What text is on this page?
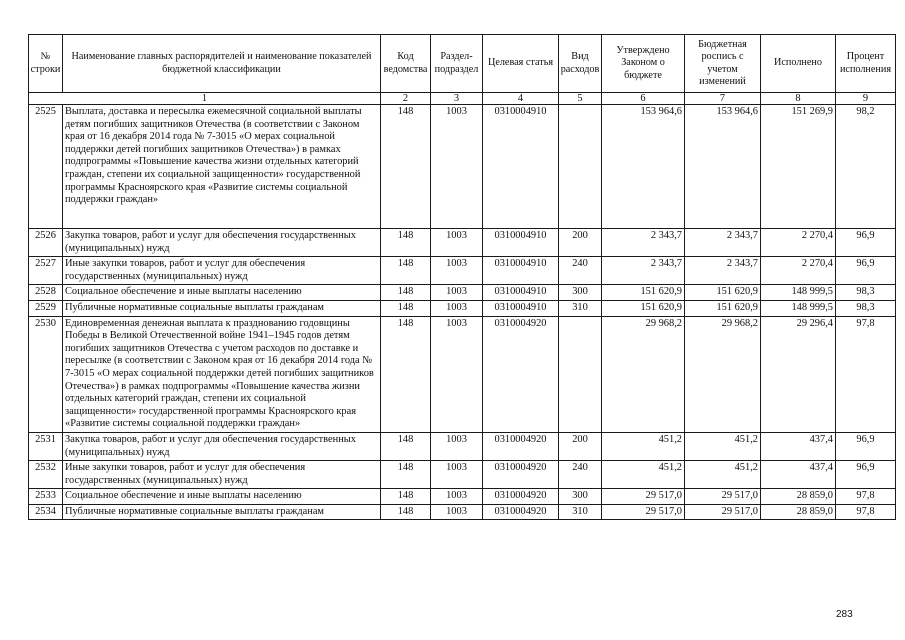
№ строки	Наименование главных распорядителей и наименование показателей бюджетной классификации	Код ведомства	Раздел-подраздел	Целевая статья	Вид расходов	Утверждено Законом о бюджете	Бюджетная роспись с учетом изменений	Исполнено	Процент исполнения
1		2	3	4	5	6	7	8	9
2525	Выплата, доставка и пересылка ежемесячной социальной выплаты детям погибших защитников Отечества (в соответствии с Законом края от 16 декабря 2014 года № 7-3015 «О мерах социальной поддержки детей погибших защитников Отечества») в рамках подпрограммы «Повышение качества жизни отдельных категорий граждан, степени их социальной защищенности» государственной программы Красноярского края «Развитие системы социальной поддержки граждан»	148	1003	0310004910		153 964,6	153 964,6	151 269,9	98,2
2526	Закупка товаров, работ и услуг для обеспечения государственных (муниципальных) нужд	148	1003	0310004910	200	2 343,7	2 343,7	2 270,4	96,9
2527	Иные закупки товаров, работ и услуг для обеспечения государственных (муниципальных) нужд	148	1003	0310004910	240	2 343,7	2 343,7	2 270,4	96,9
2528	Социальное обеспечение и иные выплаты населению	148	1003	0310004910	300	151 620,9	151 620,9	148 999,5	98,3
2529	Публичные нормативные социальные выплаты гражданам	148	1003	0310004910	310	151 620,9	151 620,9	148 999,5	98,3
2530	Единовременная денежная выплата к празднованию годовщины Победы в Великой Отечественной войне 1941–1945 годов детям погибших защитников Отечества с учетом расходов по доставке и пересылке (в соответствии с Законом края от 16 декабря 2014 года № 7-3015 «О мерах социальной поддержки детей погибших защитников Отечества») в рамках подпрограммы «Повышение качества жизни отдельных категорий граждан, степени их социальной защищенности» государственной программы Красноярского края «Развитие системы социальной поддержки граждан»	148	1003	0310004920		29 968,2	29 968,2	29 296,4	97,8
2531	Закупка товаров, работ и услуг для обеспечения государственных (муниципальных) нужд	148	1003	0310004920	200	451,2	451,2	437,4	96,9
2532	Иные закупки товаров, работ и услуг для обеспечения государственных (муниципальных) нужд	148	1003	0310004920	240	451,2	451,2	437,4	96,9
2533	Социальное обеспечение и иные выплаты населению	148	1003	0310004920	300	29 517,0	29 517,0	28 859,0	97,8
2534	Публичные нормативные социальные выплаты гражданам	148	1003	0310004920	310	29 517,0	29 517,0	28 859,0	97,8
283
